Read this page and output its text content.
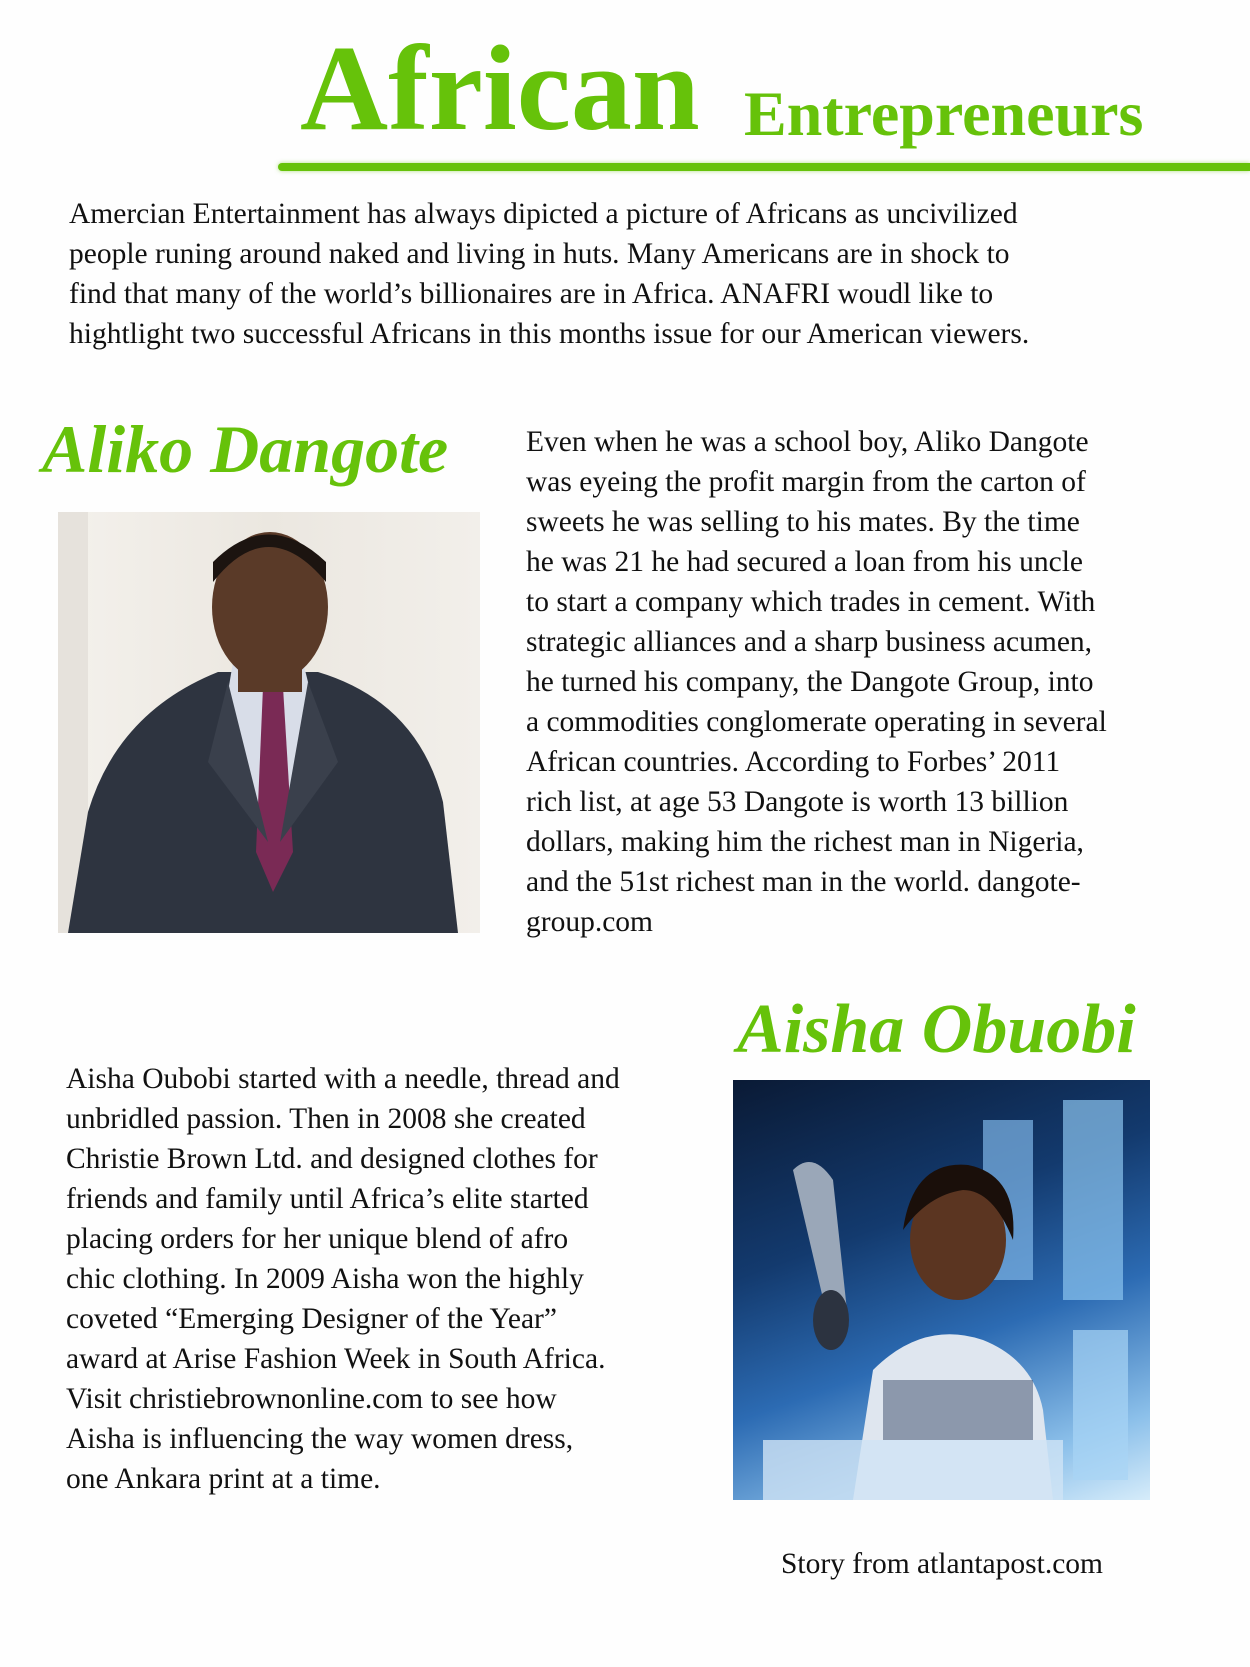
African Entrepreneurs
Amercian Entertainment has always dipicted a picture of Africans as uncivilized
people runing around naked and living in huts. Many Americans are in shock to
find that many of the world’s billionaires are in Africa. ANAFRI woudl like to
hightlight two successful Africans in this months issue for our American viewers.
Aliko Dangote	Even when he was a school boy, Aliko Dangote
was eyeing the profit margin from the carton of
sweets he was selling to his mates. By the time
he was 21 he had secured a loan from his uncle
to start a company which trades in cement. With
strategic alliances and a sharp business acumen,
he turned his company, the Dangote Group, into
a commodities conglomerate operating in several
African countries. According to Forbes’ 2011
rich list, at age 53 Dangote is worth 13 billion
dollars, making him the richest man in Nigeria,
and the 51st richest man in the world. dangote-
group.com
Aisha Obuobi
Aisha Oubobi started with a needle, thread and
unbridled passion. Then in 2008 she created
Christie Brown Ltd. and designed clothes for
friends and family until Africa’s elite started
placing orders for her unique blend of afro
chic clothing. In 2009 Aisha won the highly
coveted “Emerging Designer of the Year”
award at Arise Fashion Week in South Africa.
Visit christiebrownonline.com to see how
Aisha is influencing the way women dress,
one Ankara print at a time.
Story from atlantapost.com
